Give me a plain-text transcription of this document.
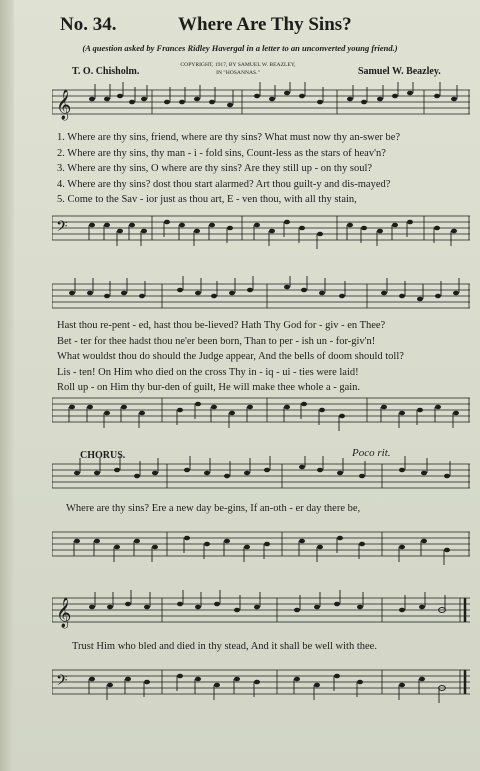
No. 34.	Where Are Thy Sins?
(A question asked by Frances Ridley Havergal in a letter to an unconverted young friend.)
T. O. Chisholm.
COPYRIGHT, 1917, BY SAMUEL W. BEAZLEY,
IN "HOSANNAS."	Samuel W. Beazley.
𝄞
1. Where are thy sins, friend, where are thy sins? What must now thy an-swer be?
2. Where are thy sins, thy man - i - fold sins, Count-less as the stars of heav'n?
3. Where are thy sins, O where are thy sins? Are they still up - on thy soul?
4. Where are thy sins? dost thou start alarmed? Art thou guilt-y and dis-mayed?
5. Come to the Sav - ior just as thou art, E - ven thou, with all thy stain,
𝄢
Hast thou re-pent - ed, hast thou be-lieved? Hath Thy God for - giv - en Thee?
Bet - ter for thee hadst thou ne'er been born, Than to per - ish un - for-giv'n!
What wouldst thou do should the Judge appear, And the bells of doom should toll?
Lis - ten! On Him who died on the cross Thy in - iq - ui - ties were laid!
Roll up - on Him thy bur-den of guilt, He will make thee whole a - gain.
CHORUS.	Poco rit.
Where are thy sins? Ere a new day be-gins, If an-oth - er day there be,
𝄞
Trust Him who bled and died in thy stead, And it shall be well with thee.
𝄢
